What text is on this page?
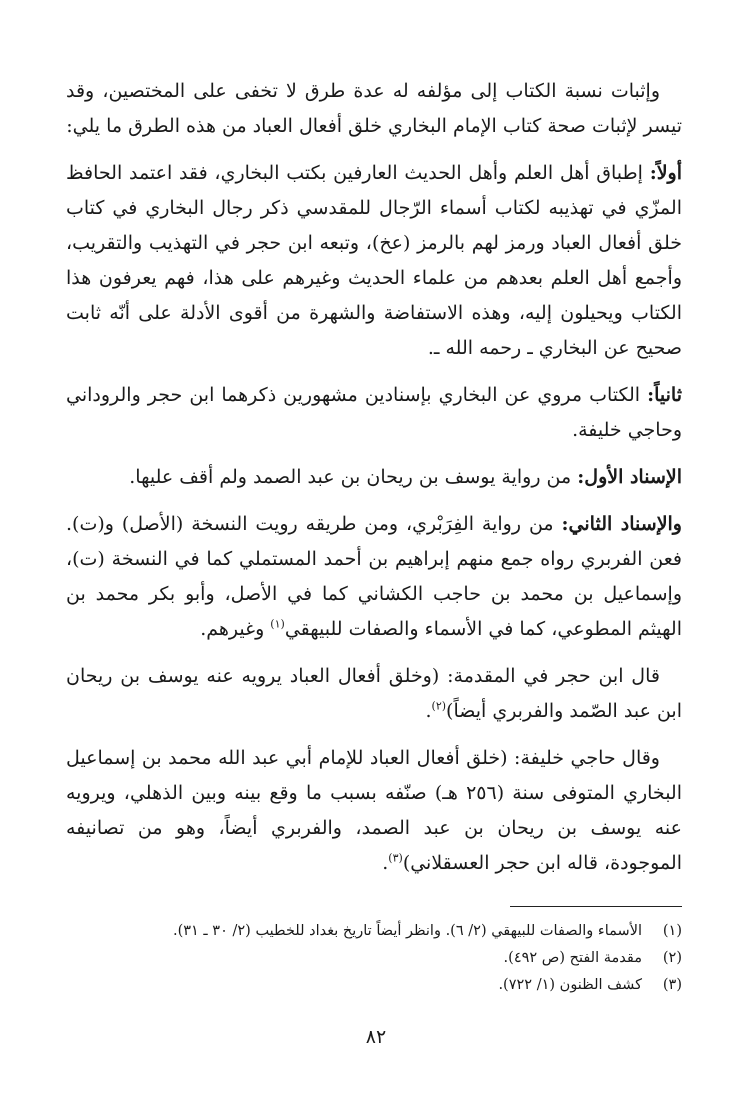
وإثبات نسبة الكتاب إلى مؤلفه له عدة طرق لا تخفى على المختصين، وقد تيسر لإثبات صحة كتاب الإمام البخاري خلق أفعال العباد من هذه الطرق ما يلي:

أولاً: إطباق أهل العلم وأهل الحديث العارفين بكتب البخاري، فقد اعتمد الحافظ المزّي في تهذيبه لكتاب أسماء الرّجال للمقدسي ذكر رجال البخاري في كتاب خلق أفعال العباد ورمز لهم بالرمز (عخ)، وتبعه ابن حجر في التهذيب والتقريب، وأجمع أهل العلم بعدهم من علماء الحديث وغيرهم على هذا، فهم يعرفون هذا الكتاب ويحيلون إليه، وهذه الاستفاضة والشهرة من أقوى الأدلة على أنّه ثابت صحيح عن البخاري ـ رحمه الله ـ.

ثانياً: الكتاب مروي عن البخاري بإسنادين مشهورين ذكرهما ابن حجر والروداني وحاجي خليفة.

الإسناد الأول: من رواية يوسف بن ريحان بن عبد الصمد ولم أقف عليها.

والإسناد الثاني: من رواية الفِرَبْري، ومن طريقه رويت النسخة (الأصل) و(ت). فعن الفربري رواه جمع منهم إبراهيم بن أحمد المستملي كما في النسخة (ت)، وإسماعيل بن محمد بن حاجب الكشاني كما في الأصل، وأبو بكر محمد بن الهيثم المطوعي، كما في الأسماء والصفات للبيهقي$^{(١)}$ وغيرهم.

قال ابن حجر في المقدمة: (وخلق أفعال العباد يرويه عنه يوسف بن ريحان ابن عبد الصّمد والفربري أيضاً)$^{(٢)}$.

وقال حاجي خليفة: (خلق أفعال العباد للإمام أبي عبد الله محمد بن إسماعيل البخاري المتوفى سنة (٢٥٦ هـ) صنّفه بسبب ما وقع بينه وبين الذهلي، ويرويه عنه يوسف بن ريحان بن عبد الصمد، والفربري أيضاً، وهو من تصانيفه الموجودة، قاله ابن حجر العسقلاني)$^{(٣)}$.

(١)
الأسماء والصفات للبيهقي (٢/ ٦). وانظر أيضاً تاريخ بغداد للخطيب (٢/ ٣٠ ـ ٣١).
(٢)
مقدمة الفتح (ص ٤٩٢).
(٣)
كشف الظنون (١/ ٧٢٢).
٨٢
